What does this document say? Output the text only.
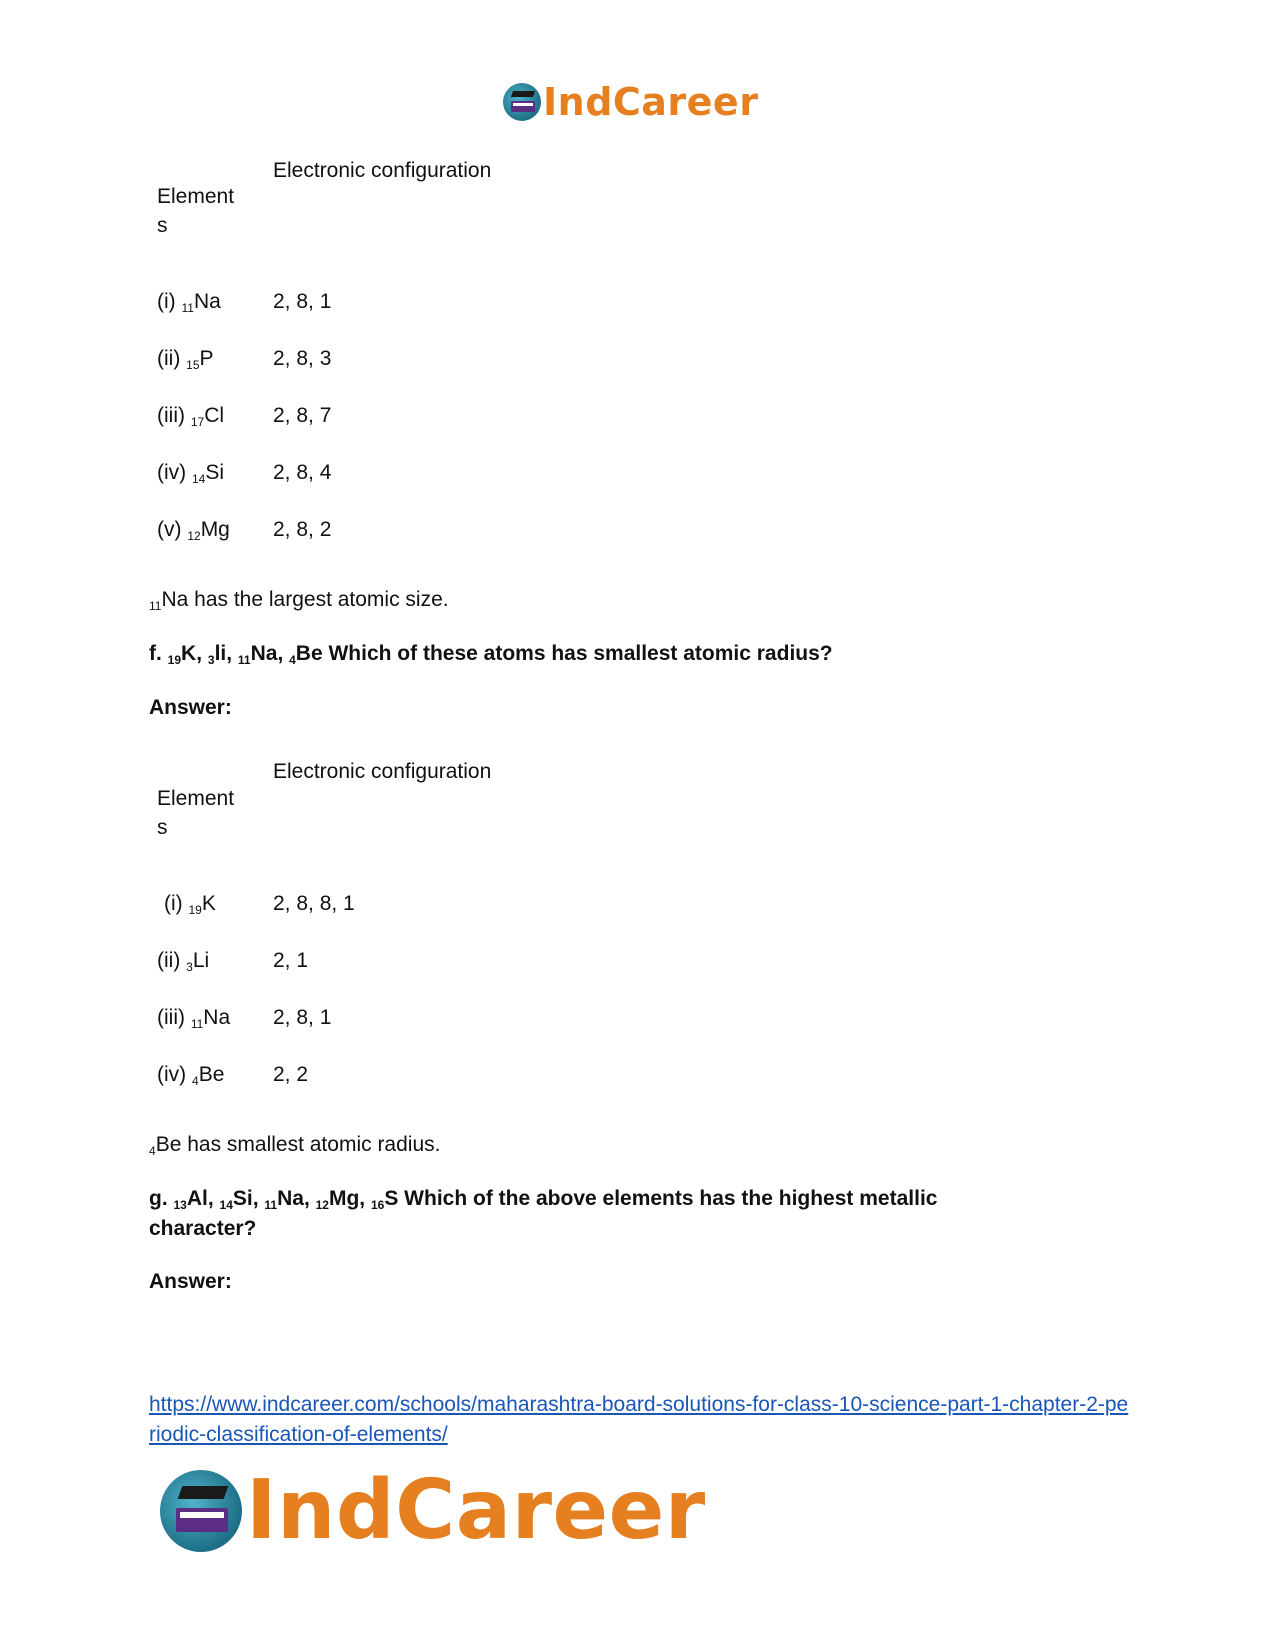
IndCareer
Electronic configuration
Element
s
(i) $_{11}$Na 2, 8, 1
(ii) $_{15}$P	2, 8, 3
(iii) $_{17}$Cl 2, 8, 7
(iv) $_{14}$Si 2, 8, 4
(v) $_{12}$Mg 2, 8, 2
$_{11}$Na has the largest atomic size.
f. $_{19}$K, $_3$li, $_{11}$Na, $_4$Be Which of these atoms has smallest atomic radius?
Answer:
Electronic configuration
Element
s
(i) $_{19}$K	2, 8, 8, 1
(ii) $_3$Li	2, 1
(iii) $_{11}$Na 2, 8, 1
(iv) $_4$Be 2, 2
$_4$Be has smallest atomic radius.
g. $_{13}$Al, $_{14}$Si, $_{11}$Na, $_{12}$Mg, $_{16}$S Which of the above elements has the highest metallic
character?
Answer:
https://www.indcareer.com/schools/maharashtra-board-solutions-for-class-10-science-part-1-chapter-2-periodic-classification-of-elements/
IndCareer
